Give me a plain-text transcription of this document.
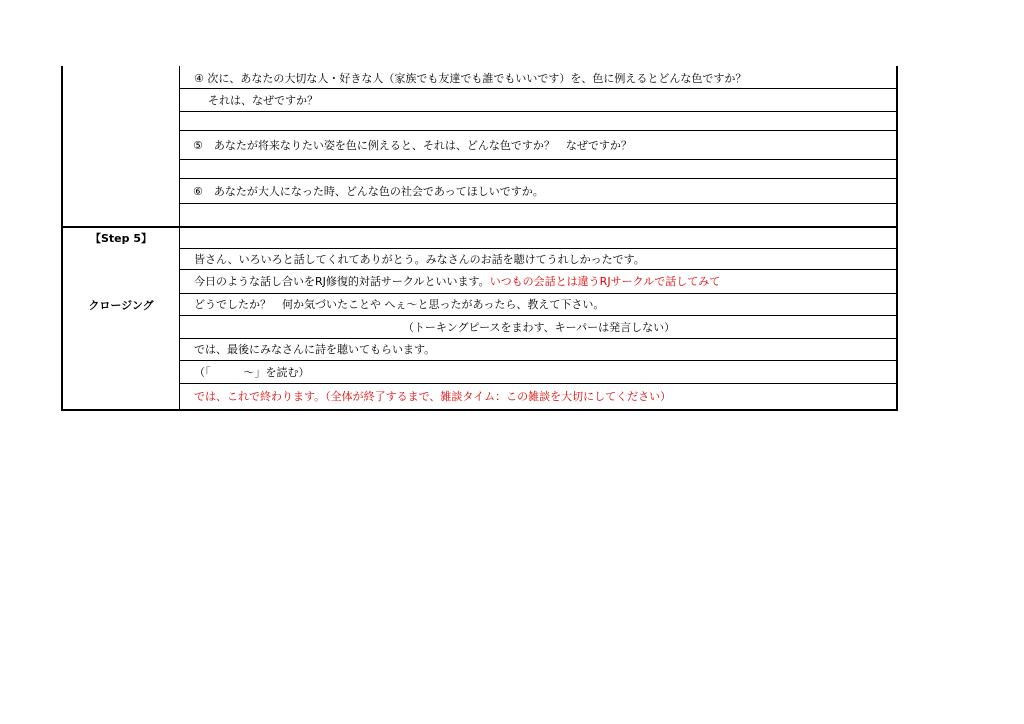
④ 次に、あなたの大切な人・好きな人（家族でも友達でも誰でもいいです）を、色に例えるとどんな色ですか？
それは、なぜですか？
⑤　あなたが将来なりたい姿を色に例えると、それは、どんな色ですか？　なぜですか？
⑥　あなたが大人になった時、どんな色の社会であってほしいですか。
【Step 5】
クロージング
皆さん、いろいろと話してくれてありがとう。みなさんのお話を聴けてうれしかったです。
今日のような話し合いをRJ修復的対話サークルといいます。 いつもの会話とは違うRJサークルで話してみて
どうでしたか？　何か気づいたことや へぇ～と思ったがあったら、教えて下さい。
（トーキングピースをまわす、キーパーは発言しない）
では、最後にみなさんに詩を聴いてもらいます。
（「　　　～」を読む）
では、これで終わります。（全体が終了するまで、雑談タイム：この雑談を大切にしてください）
